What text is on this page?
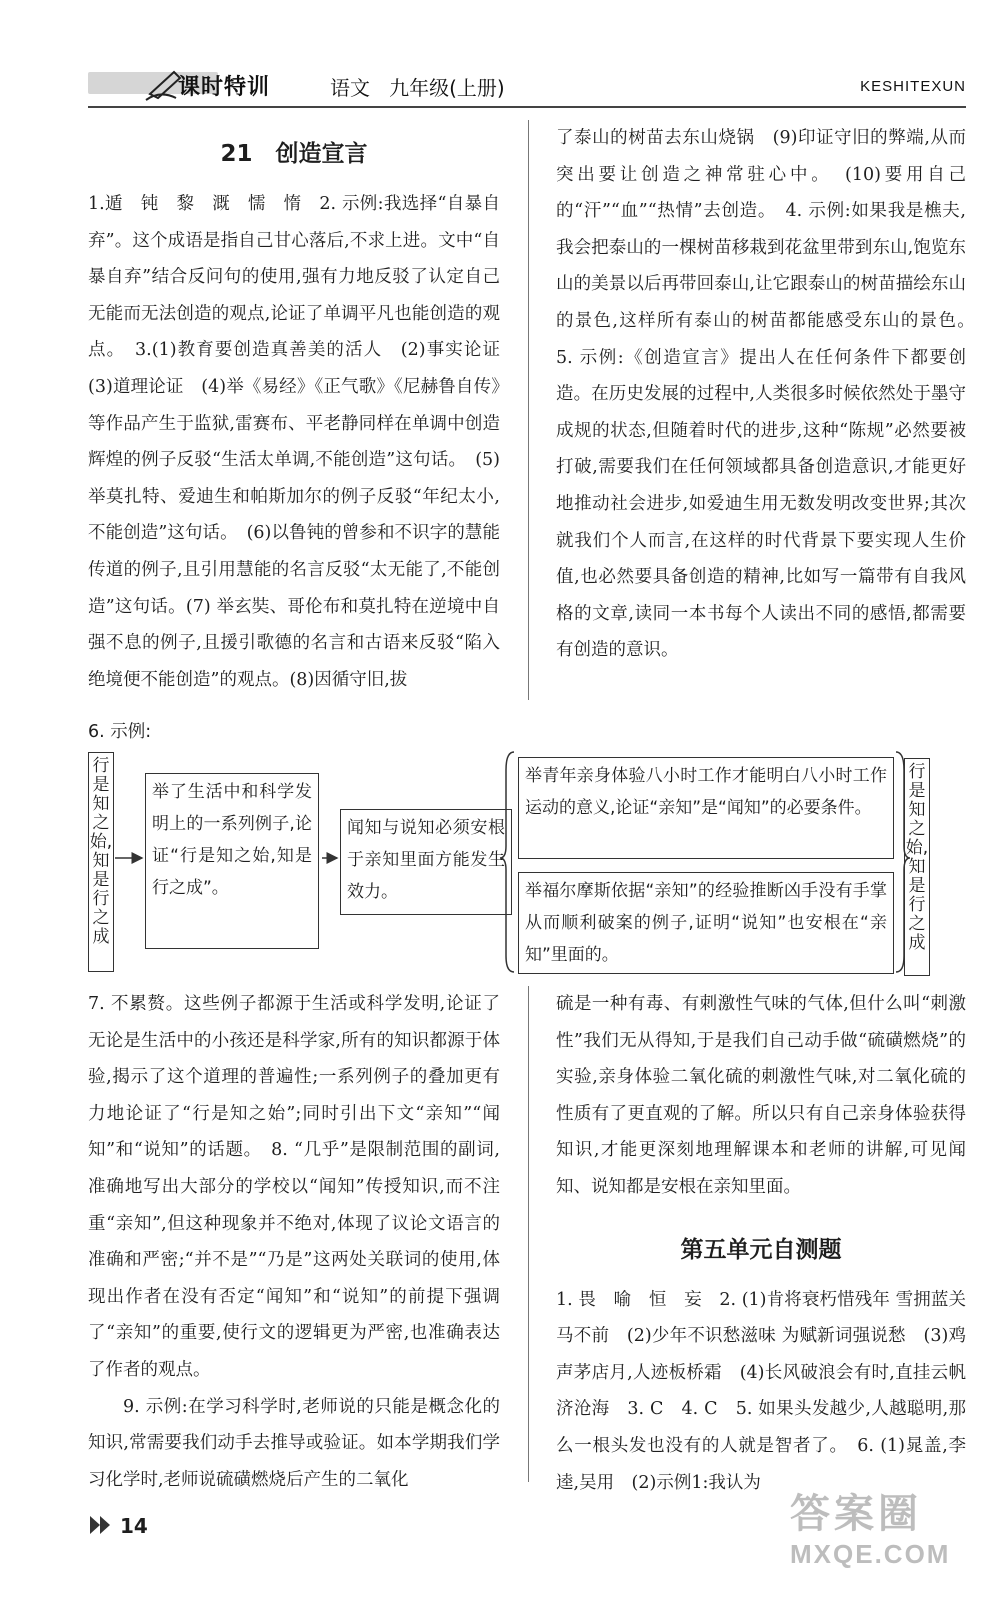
课时特训	语文 九年级(上册)	KESHITEXUN
21　创造宣言

1.遁　钝　黎　溉　懦　惰　2. 示例:我选择“自暴自弃”。这个成语是指自己甘心落后,不求上进。文中“自暴自弃”结合反问句的使用,强有力地反驳了认定自己无能而无法创造的观点,论证了单调平凡也能创造的观点。　3.(1)教育要创造真善美的活人　(2)事实论证　(3)道理论证　(4)举《易经》《正气歌》《尼赫鲁自传》等作品产生于监狱,雷赛布、平老静同样在单调中创造辉煌的例子反驳“生活太单调,不能创造”这句话。　(5)举莫扎特、爱迪生和帕斯加尔的例子反驳“年纪太小,不能创造”这句话。　(6)以鲁钝的曾参和不识字的慧能传道的例子,且引用慧能的名言反驳“太无能了,不能创造”这句话。(7) 举玄奘、哥伦布和莫扎特在逆境中自强不息的例子,且援引歌德的名言和古语来反驳“陷入绝境便不能创造”的观点。(8)因循守旧,拔

了泰山的树苗去东山烧锅　(9)印证守旧的弊端,从而突出要让创造之神常驻心中。　(10)要用自己的“汗”“血”“热情”去创造。　4. 示例:如果我是樵夫,我会把泰山的一棵树苗移栽到花盆里带到东山,饱览东山的美景以后再带回泰山,让它跟泰山的树苗描绘东山的景色,这样所有泰山的树苗都能感受东山的景色。　5. 示例:《创造宣言》提出人在任何条件下都要创造。在历史发展的过程中,人类很多时候依然处于墨守成规的状态,但随着时代的进步,这种“陈规”必然要被打破,需要我们在任何领域都具备创造意识,才能更好地推动社会进步,如爱迪生用无数发明改变世界;其次就我们个人而言,在这样的时代背景下要实现人生价值,也必然要具备创造的精神,比如写一篇带有自我风格的文章,读同一本书每个人读出不同的感悟,都需要有创造的意识。

6. 示例:
行是知之始,知是行之成
举了生活中和科学发明上的一系列例子,论证“行是知之始,知是行之成”。
闻知与说知必须安根于亲知里面方能发生效力。
举青年亲身体验八小时工作才能明白八小时工作运动的意义,论证“亲知”是“闻知”的必要条件。
举福尔摩斯依据“亲知”的经验推断凶手没有手掌从而顺利破案的例子,证明“说知”也安根在“亲知”里面的。
行是知之始,知是行之成

7. 不累赘。这些例子都源于生活或科学发明,论证了无论是生活中的小孩还是科学家,所有的知识都源于体验,揭示了这个道理的普遍性;一系列例子的叠加更有力地论证了“行是知之始”;同时引出下文“亲知”“闻知”和“说知”的话题。　8. “几乎”是限制范围的副词,准确地写出大部分的学校以“闻知”传授知识,而不注重“亲知”,但这种现象并不绝对,体现了议论文语言的准确和严密;“并不是”“乃是”这两处关联词的使用,体现出作者在没有否定“闻知”和“说知”的前提下强调了“亲知”的重要,使行文的逻辑更为严密,也准确表达了作者的观点。

9. 示例:在学习科学时,老师说的只能是概念化的知识,常需要我们动手去推导或验证。如本学期我们学习化学时,老师说硫磺燃烧后产生的二氧化

硫是一种有毒、有刺激性气味的气体,但什么叫“刺激性”我们无从得知,于是我们自己动手做“硫磺燃烧”的实验,亲身体验二氧化硫的刺激性气味,对二氧化硫的性质有了更直观的了解。所以只有自己亲身体验获得知识,才能更深刻地理解课本和老师的讲解,可见闻知、说知都是安根在亲知里面。

第五单元自测题

1. 畏　喻　恒　妄　2. (1)肯将衰朽惜残年 雪拥蓝关马不前　(2)少年不识愁滋味 为赋新词强说愁　(3)鸡声茅店月,人迹板桥霜　(4)长风破浪会有时,直挂云帆济沧海　3. C　4. C　5. 如果头发越少,人越聪明,那么一根头发也没有的人就是智者了。　6. (1)晁盖,李逵,吴用　(2)示例1:我认为

14	答案圈
MXQE.COM
